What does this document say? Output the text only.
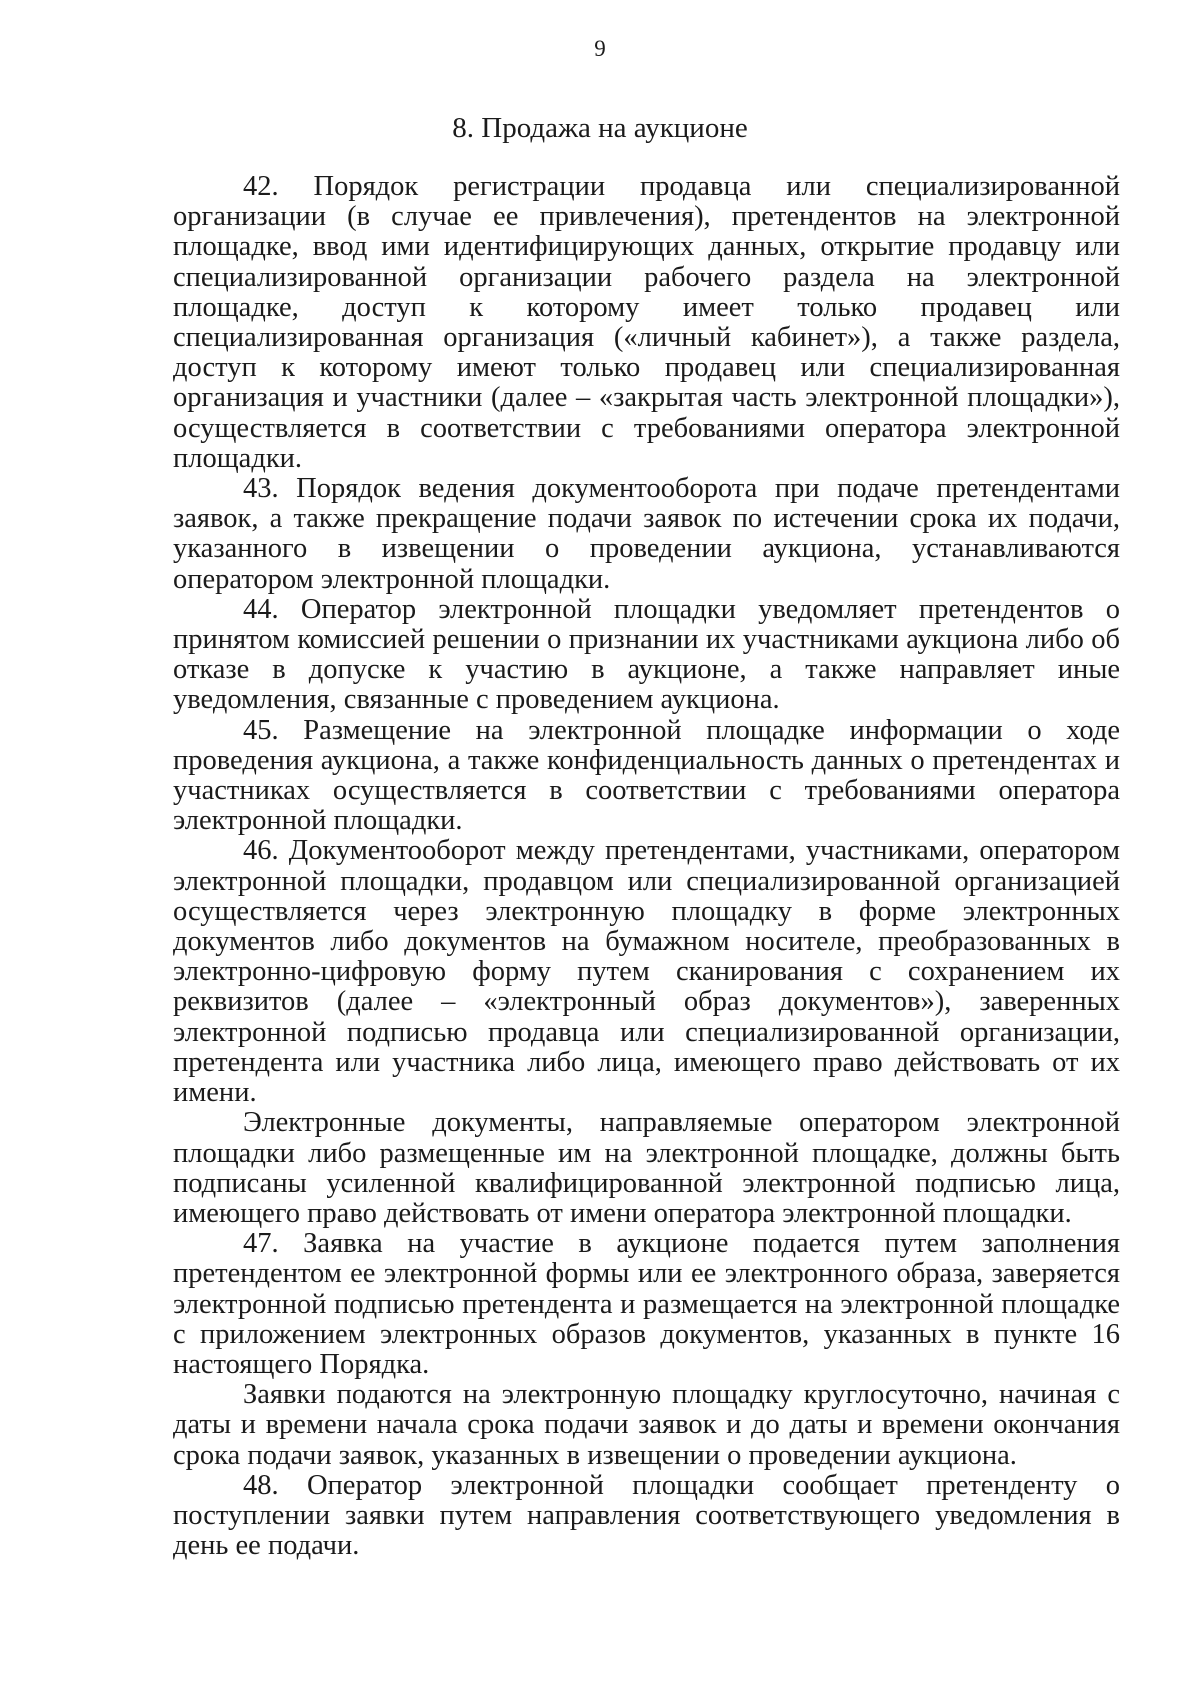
9
8. Продажа на аукционе

42. Порядок регистрации продавца или специализированной организации (в случае ее привлечения), претендентов на электронной площадке, ввод ими идентифицирующих данных, открытие продавцу или специализированной организации рабочего раздела на электронной площадке, доступ к которому имеет только продавец или специализированная организация («личный кабинет»), а также раздела, доступ к которому имеют только продавец или специализированная организация и участники (далее – «закрытая часть электронной площадки»), осуществляется в соответствии с требованиями оператора электронной площадки.

43. Порядок ведения документооборота при подаче претендентами заявок, а также прекращение подачи заявок по истечении срока их подачи, указанного в извещении о проведении аукциона, устанавливаются оператором электронной площадки.

44. Оператор электронной площадки уведомляет претендентов о принятом комиссией решении о признании их участниками аукциона либо об отказе в допуске к участию в аукционе, а также направляет иные уведомления, связанные с проведением аукциона.

45. Размещение на электронной площадке информации о ходе проведения аукциона, а также конфиденциальность данных о претендентах и участниках осуществляется в соответствии с требованиями оператора электронной площадки.

46. Документооборот между претендентами, участниками, оператором электронной площадки, продавцом или специализированной организацией осуществляется через электронную площадку в форме электронных документов либо документов на бумажном носителе, преобразованных в электронно-цифровую форму путем сканирования с сохранением их реквизитов (далее – «электронный образ документов»), заверенных электронной подписью продавца или специализированной организации, претендента или участника либо лица, имеющего право действовать от их имени.

Электронные документы, направляемые оператором электронной площадки либо размещенные им на электронной площадке, должны быть подписаны усиленной квалифицированной электронной подписью лица, имеющего право действовать от имени оператора электронной площадки.

47. Заявка на участие в аукционе подается путем заполнения претендентом ее электронной формы или ее электронного образа, заверяется электронной подписью претендента и размещается на электронной площадке с приложением электронных образов документов, указанных в пункте 16 настоящего Порядка.

Заявки подаются на электронную площадку круглосуточно, начиная с даты и времени начала срока подачи заявок и до даты и времени окончания срока подачи заявок, указанных в извещении о проведении аукциона.

48. Оператор электронной площадки сообщает претенденту о поступлении заявки путем направления соответствующего уведомления в день ее подачи.
